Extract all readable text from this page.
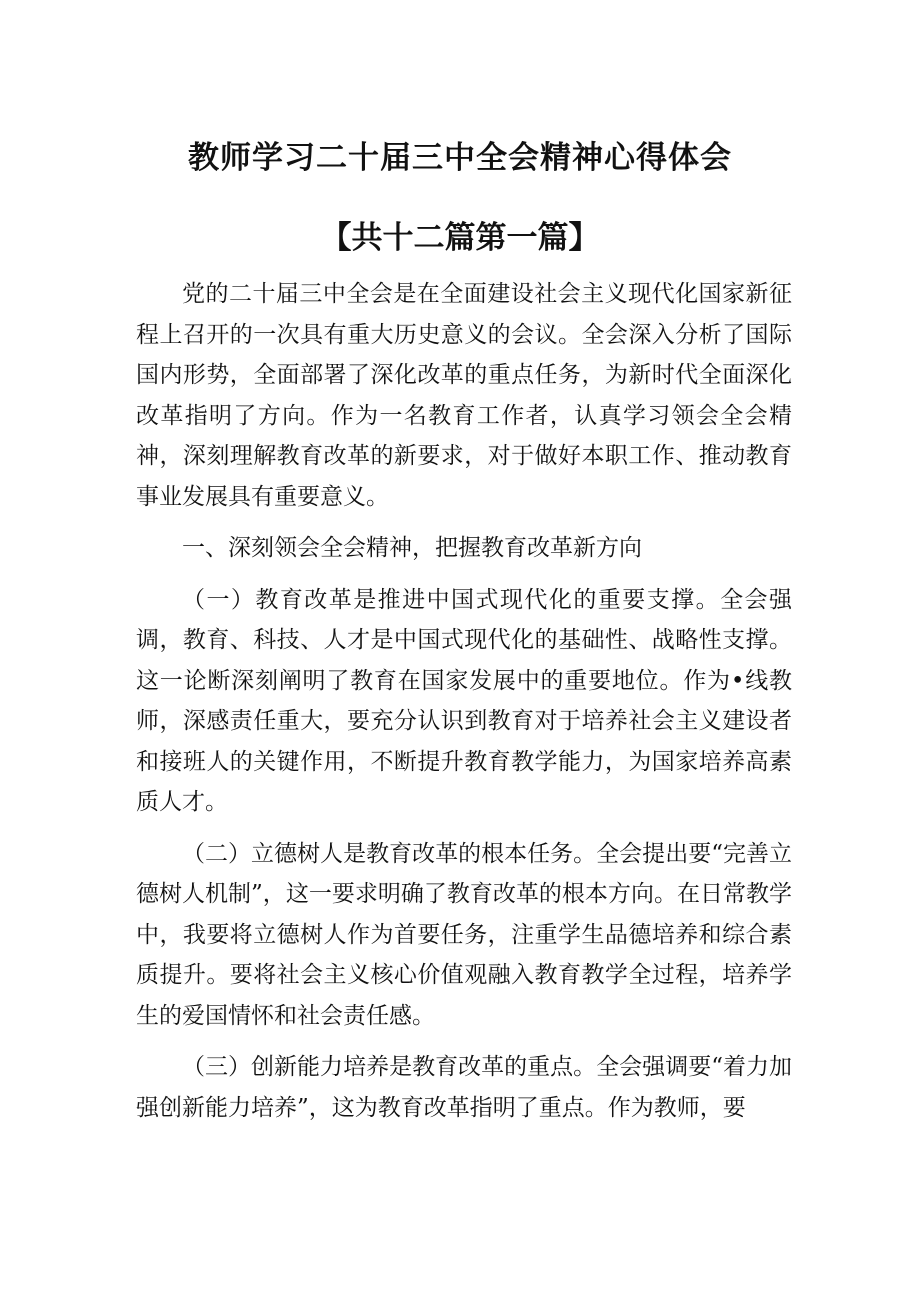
教师学习二十届三中全会精神心得体会
【共十二篇第一篇】

党的二十届三中全会是在全面建设社会主义现代化国家新征程上召开的一次具有重大历史意义的会议。全会深入分析了国际国内形势，全面部署了深化改革的重点任务，为新时代全面深化改革指明了方向。作为一名教育工作者，认真学习领会全会精神，深刻理解教育改革的新要求，对于做好本职工作、推动教育事业发展具有重要意义。

一、深刻领会全会精神，把握教育改革新方向

（一）教育改革是推进中国式现代化的重要支撑。全会强调，教育、科技、人才是中国式现代化的基础性、战略性支撑。这一论断深刻阐明了教育在国家发展中的重要地位。作为•线教师，深感责任重大，要充分认识到教育对于培养社会主义建设者和接班人的关键作用，不断提升教育教学能力，为国家培养高素质人才。

（二）立德树人是教育改革的根本任务。全会提出要“完善立德树人机制”，这一要求明确了教育改革的根本方向。在日常教学中，我要将立德树人作为首要任务，注重学生品德培养和综合素质提升。要将社会主义核心价值观融入教育教学全过程，培养学生的爱国情怀和社会责任感。

（三）创新能力培养是教育改革的重点。全会强调要“着力加强创新能力培养”，这为教育改革指明了重点。作为教师，要
